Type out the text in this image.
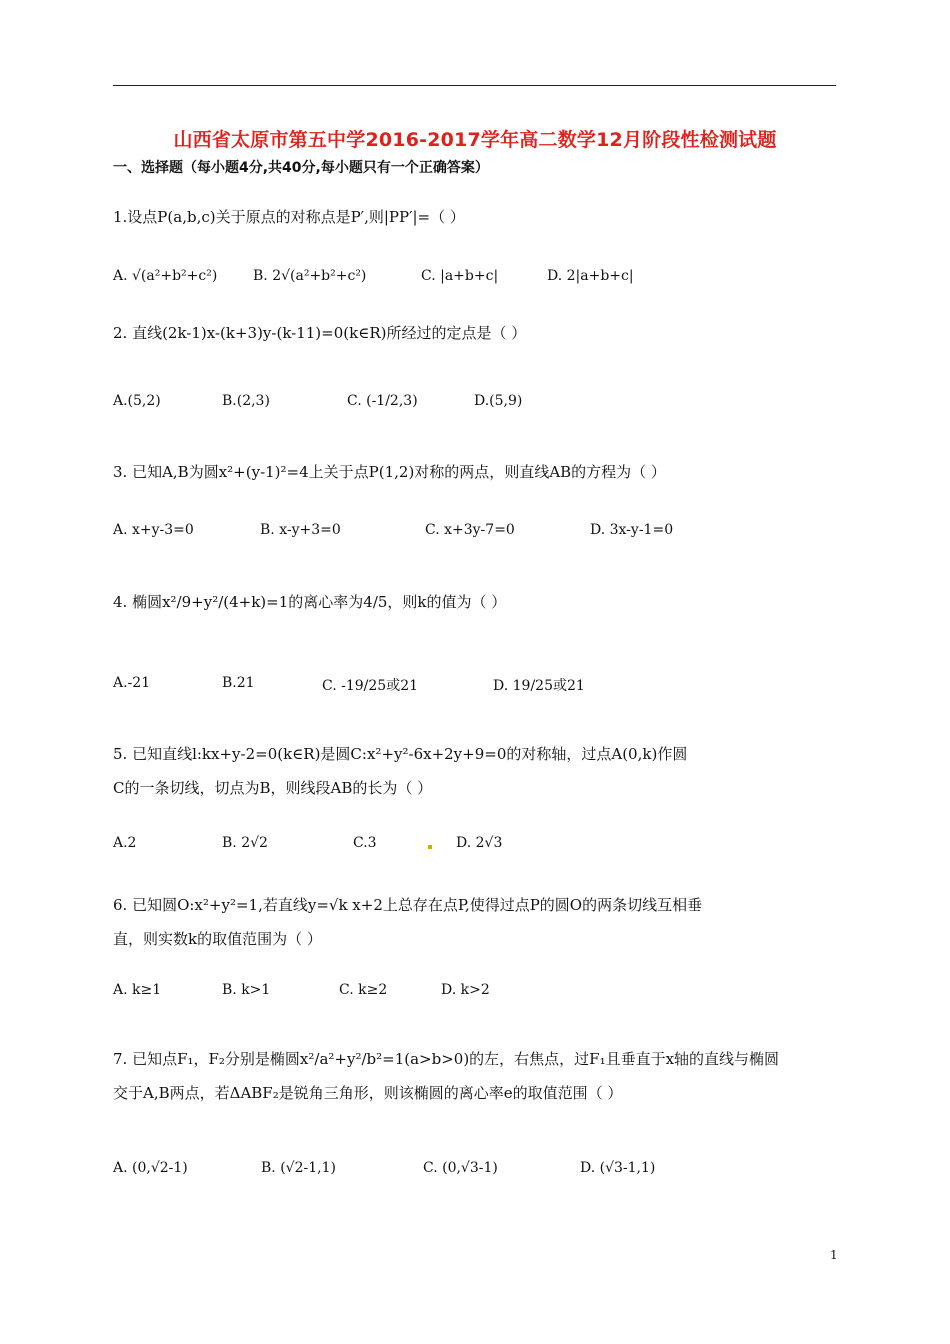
山西省太原市第五中学2016-2017学年高二数学12月阶段性检测试题
一、选择题（每小题4分,共40分,每小题只有一个正确答案）
1.设点P(a,b,c)关于原点的对称点是P′,则|PP′|=（ ）
A. √(a²+b²+c²)	B. 2√(a²+b²+c²)	C. |a+b+c|	D. 2|a+b+c|
2. 直线(2k-1)x-(k+3)y-(k-11)=0(k∈R)所经过的定点是（ ）
A.(5,2)	B.(2,3)	C. (-1/2,3)	D.(5,9)
3. 已知A,B为圆x²+(y-1)²=4上关于点P(1,2)对称的两点，则直线AB的方程为（ ）
A. x+y-3=0	B. x-y+3=0	C. x+3y-7=0	D. 3x-y-1=0
4. 椭圆x²/9+y²/(4+k)=1的离心率为4/5，则k的值为（ ）
A.-21	B.21	C. -19/25或21	D. 19/25或21
5. 已知直线l:kx+y-2=0(k∈R)是圆C:x²+y²-6x+2y+9=0的对称轴，过点A(0,k)作圆
C的一条切线，切点为B，则线段AB的长为（ ）
A.2	B. 2√2	C.3	D. 2√3
6. 已知圆O:x²+y²=1,若直线y=√k x+2上总存在点P,使得过点P的圆O的两条切线互相垂
直，则实数k的取值范围为（ ）
A. k≥1	B. k>1	C. k≥2	D. k>2
7. 已知点F₁，F₂分别是椭圆x²/a²+y²/b²=1(a>b>0)的左，右焦点，过F₁且垂直于x轴的直线与椭圆
交于A,B两点，若ΔABF₂是锐角三角形，则该椭圆的离心率e的取值范围（ ）
A. (0,√2-1)	B. (√2-1,1)	C. (0,√3-1)	D. (√3-1,1)
1
